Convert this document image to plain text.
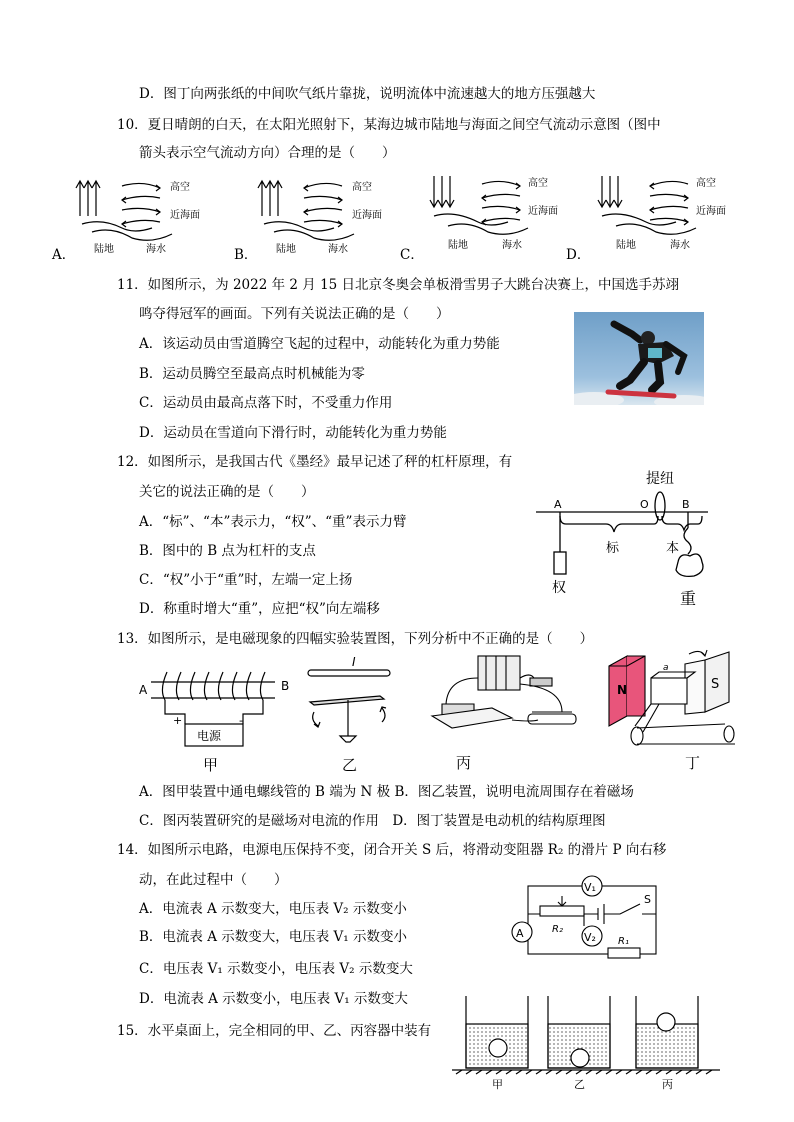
D．图丁向两张纸的中间吹气纸片靠拢，说明流体中流速越大的地方压强越大
10．夏日晴朗的白天，在太阳光照射下，某海边城市陆地与海面之间空气流动示意图（图中
箭头表示空气流动方向）合理的是（　　）
A．	B．	C．	D．
高空
近海面
陆地	海水
高空
近海面
陆地	海水
高空
近海面
陆地	海水
高空
近海面
陆地	海水
11．如图所示，为 2022 年 2 月 15 日北京冬奥会单板滑雪男子大跳台决赛上，中国选手苏翊
鸣夺得冠军的画面。下列有关说法正确的是（　　）
A．该运动员由雪道腾空飞起的过程中，动能转化为重力势能
B．运动员腾空至最高点时机械能为零
C．运动员由最高点落下时，不受重力作用
D．运动员在雪道向下滑行时，动能转化为重力势能
12．如图所示，是我国古代《墨经》最早记述了秤的杠杆原理，有
关它的说法正确的是（　　）
A．“标”、“本”表示力，“权”、“重”表示力臂
B．图中的 B 点为杠杆的支点
C．“权”小于“重”时，左端一定上扬
D．称重时增大“重”，应把“权”向左端移
提纽
A	O	B
标	本
权
重
13．如图所示，是电磁现象的四幅实验装置图，下列分析中不正确的是（　　）
A	B
+	-
电源
甲
I
乙	丙
N	S
a
丁
A．图甲装置中通电螺线管的 B 端为 N 极 B．图乙装置，说明电流周围存在着磁场
C．图丙装置研究的是磁场对电流的作用　D．图丁装置是电动机的结构原理图
14．如图所示电路，电源电压保持不变，闭合开关 S 后，将滑动变阻器 R₂ 的滑片 P 向右移
动，在此过程中（　　）
A．电流表 A 示数变大，电压表 V₂ 示数变小
B．电流表 A 示数变大，电压表 V₁ 示数变小
C．电压表 V₁ 示数变小，电压表 V₂ 示数变大
D．电流表 A 示数变小，电压表 V₁ 示数变大
V₁
A	V₂
S
R₁
R₂
15．水平桌面上，完全相同的甲、乙、丙容器中装有
甲	乙	丙
